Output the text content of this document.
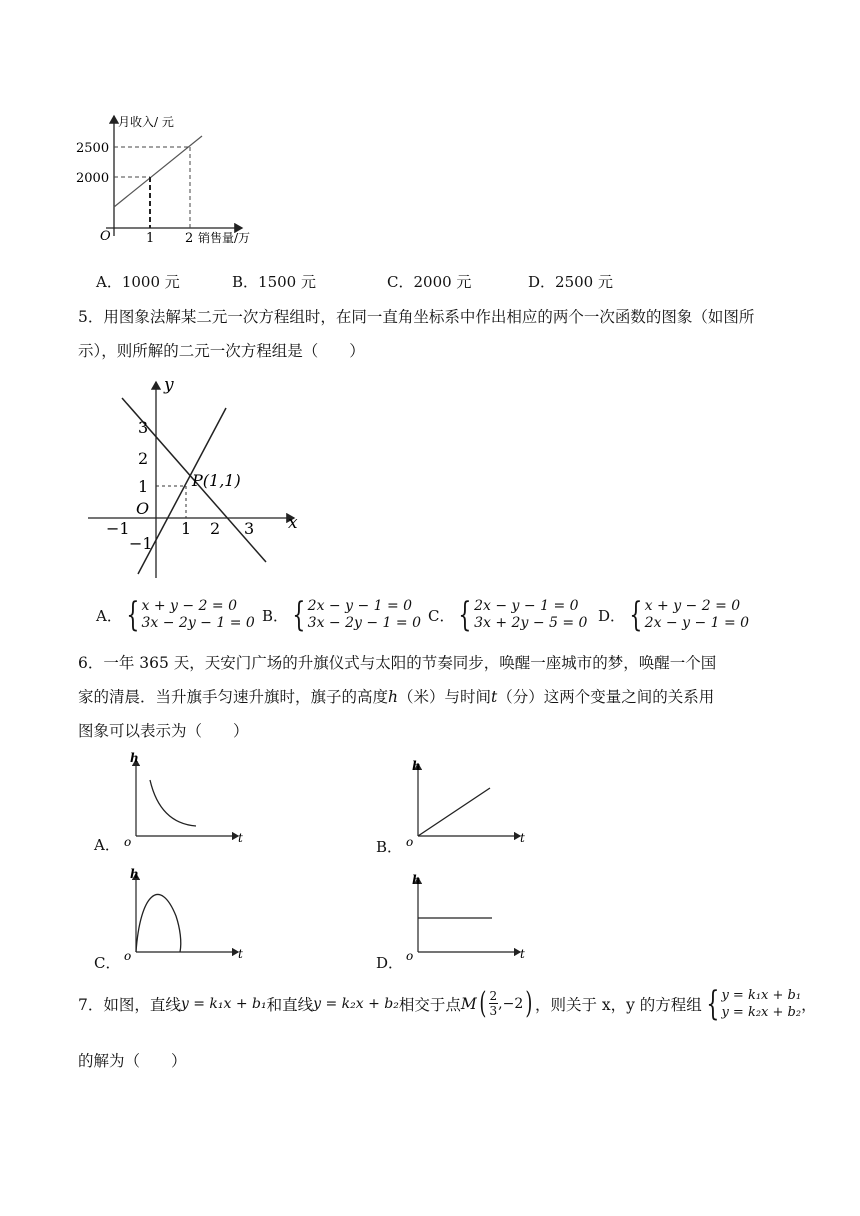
月收入/ 元
2500
2000
O	1 2 销售量/万
A．1000 元	B．1500 元	C．2000 元	D．2500 元
5．用图象法解某二元一次方程组时，在同一直角坐标系中作出相应的两个一次函数的图象（如图所示），则所解的二元一次方程组是（　　）
y
x
3
2
1
−1
O
−1	1 2 3
P(1,1)
A． { x + y − 2 = 0
3x − 2y − 1 = 0 B． { 2x − y − 1 = 0
3x − 2y − 1 = 0 C． { 2x − y − 1 = 0
3x + 2y − 5 = 0 D． { x + y − 2 = 0
2x − y − 1 = 0
6．一年 365 天，天安门广场的升旗仪式与太阳的节奏同步，唤醒一座城市的梦，唤醒一个国
家的清晨．当升旗手匀速升旗时，旗子的高度h（米）与时间t（分）这两个变量之间的关系用
图象可以表示为（　　）
A．
h
o	t	B．
h
o	t
C．
h
o	t	D．
h
o	t
7．如图，直线 y = k₁x + b₁ 和直线 y = k₂x + b₂ 相交于点 M ( 2
3 ,−2 ) ，则关于 x，y 的方程组 { y = k₁x + b₁
y = k₂x + b₂ ，
的解为（　　）
